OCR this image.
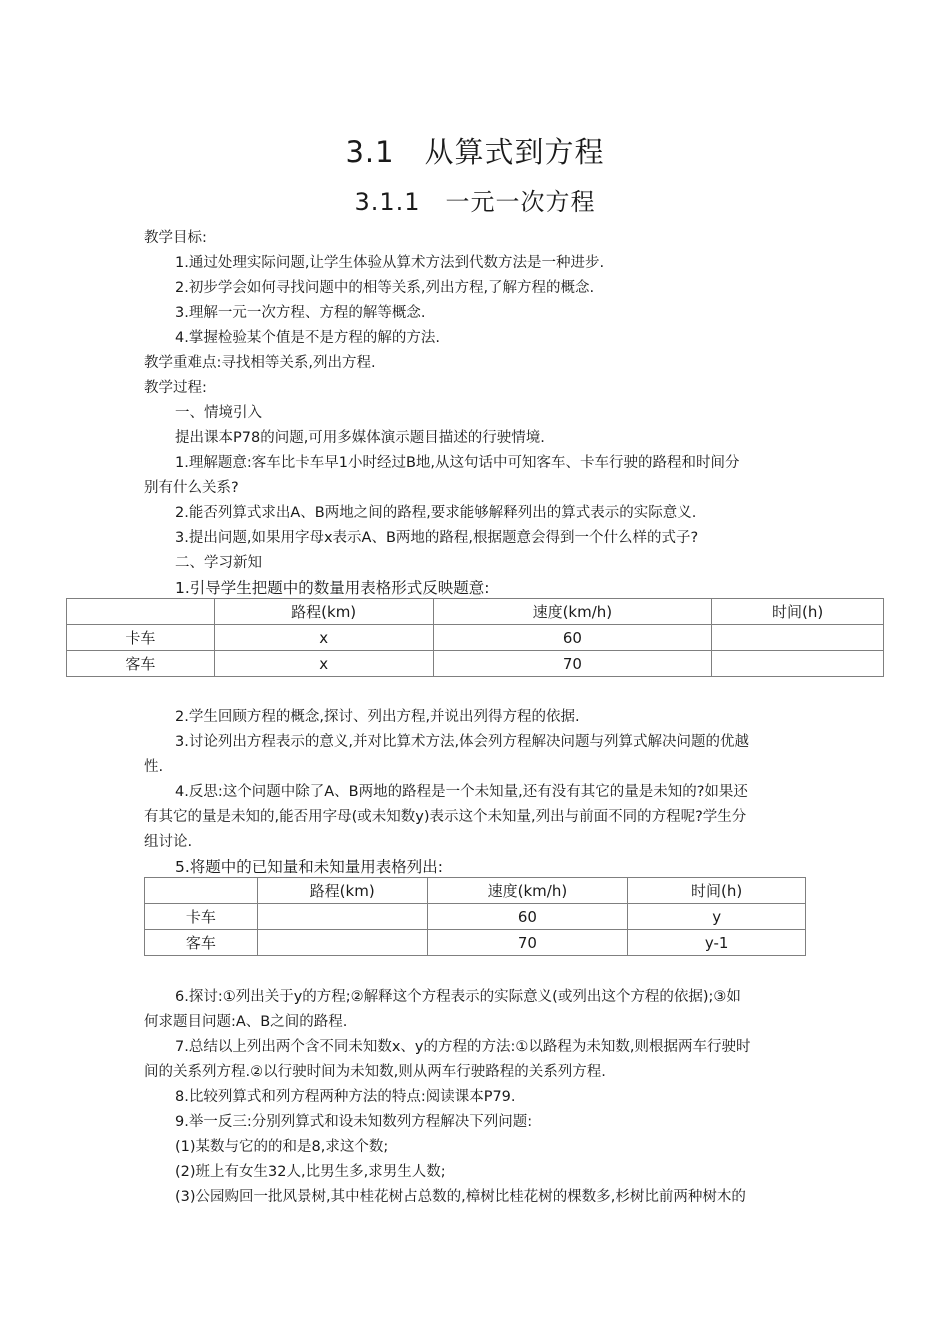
3.1　从算式到方程
3.1.1　一元一次方程
教学目标:
1.通过处理实际问题,让学生体验从算术方法到代数方法是一种进步.
2.初步学会如何寻找问题中的相等关系,列出方程,了解方程的概念.
3.理解一元一次方程、方程的解等概念.
4.掌握检验某个值是不是方程的解的方法.
教学重难点:寻找相等关系,列出方程.
教学过程:
一、情境引入
提出课本P78的问题,可用多媒体演示题目描述的行驶情境.
1.理解题意:客车比卡车早1小时经过B地,从这句话中可知客车、卡车行驶的路程和时间分
别有什么关系?
2.能否列算式求出A、B两地之间的路程,要求能够解释列出的算式表示的实际意义.
3.提出问题,如果用字母x表示A、B两地的路程,根据题意会得到一个什么样的式子?
二、学习新知
1.引导学生把题中的数量用表格形式反映题意:
	路程(km)	速度(km/h)	时间(h)
卡车	x	60	
客车	x	70	
2.学生回顾方程的概念,探讨、列出方程,并说出列得方程的依据.
3.讨论列出方程表示的意义,并对比算术方法,体会列方程解决问题与列算式解决问题的优越
性.
4.反思:这个问题中除了A、B两地的路程是一个未知量,还有没有其它的量是未知的?如果还
有其它的量是未知的,能否用字母(或未知数y)表示这个未知量,列出与前面不同的方程呢?学生分
组讨论.
5.将题中的已知量和未知量用表格列出:
	路程(km)	速度(km/h)	时间(h)
卡车		60	y
客车		70	y-1
6.探讨:①列出关于y的方程;②解释这个方程表示的实际意义(或列出这个方程的依据);③如
何求题目问题:A、B之间的路程.
7.总结以上列出两个含不同未知数x、y的方程的方法:①以路程为未知数,则根据两车行驶时
间的关系列方程.②以行驶时间为未知数,则从两车行驶路程的关系列方程.
8.比较列算式和列方程两种方法的特点:阅读课本P79.
9.举一反三:分别列算式和设未知数列方程解决下列问题:
(1)某数与它的的和是8,求这个数;
(2)班上有女生32人,比男生多,求男生人数;
(3)公园购回一批风景树,其中桂花树占总数的,樟树比桂花树的棵数多,杉树比前两种树木的
